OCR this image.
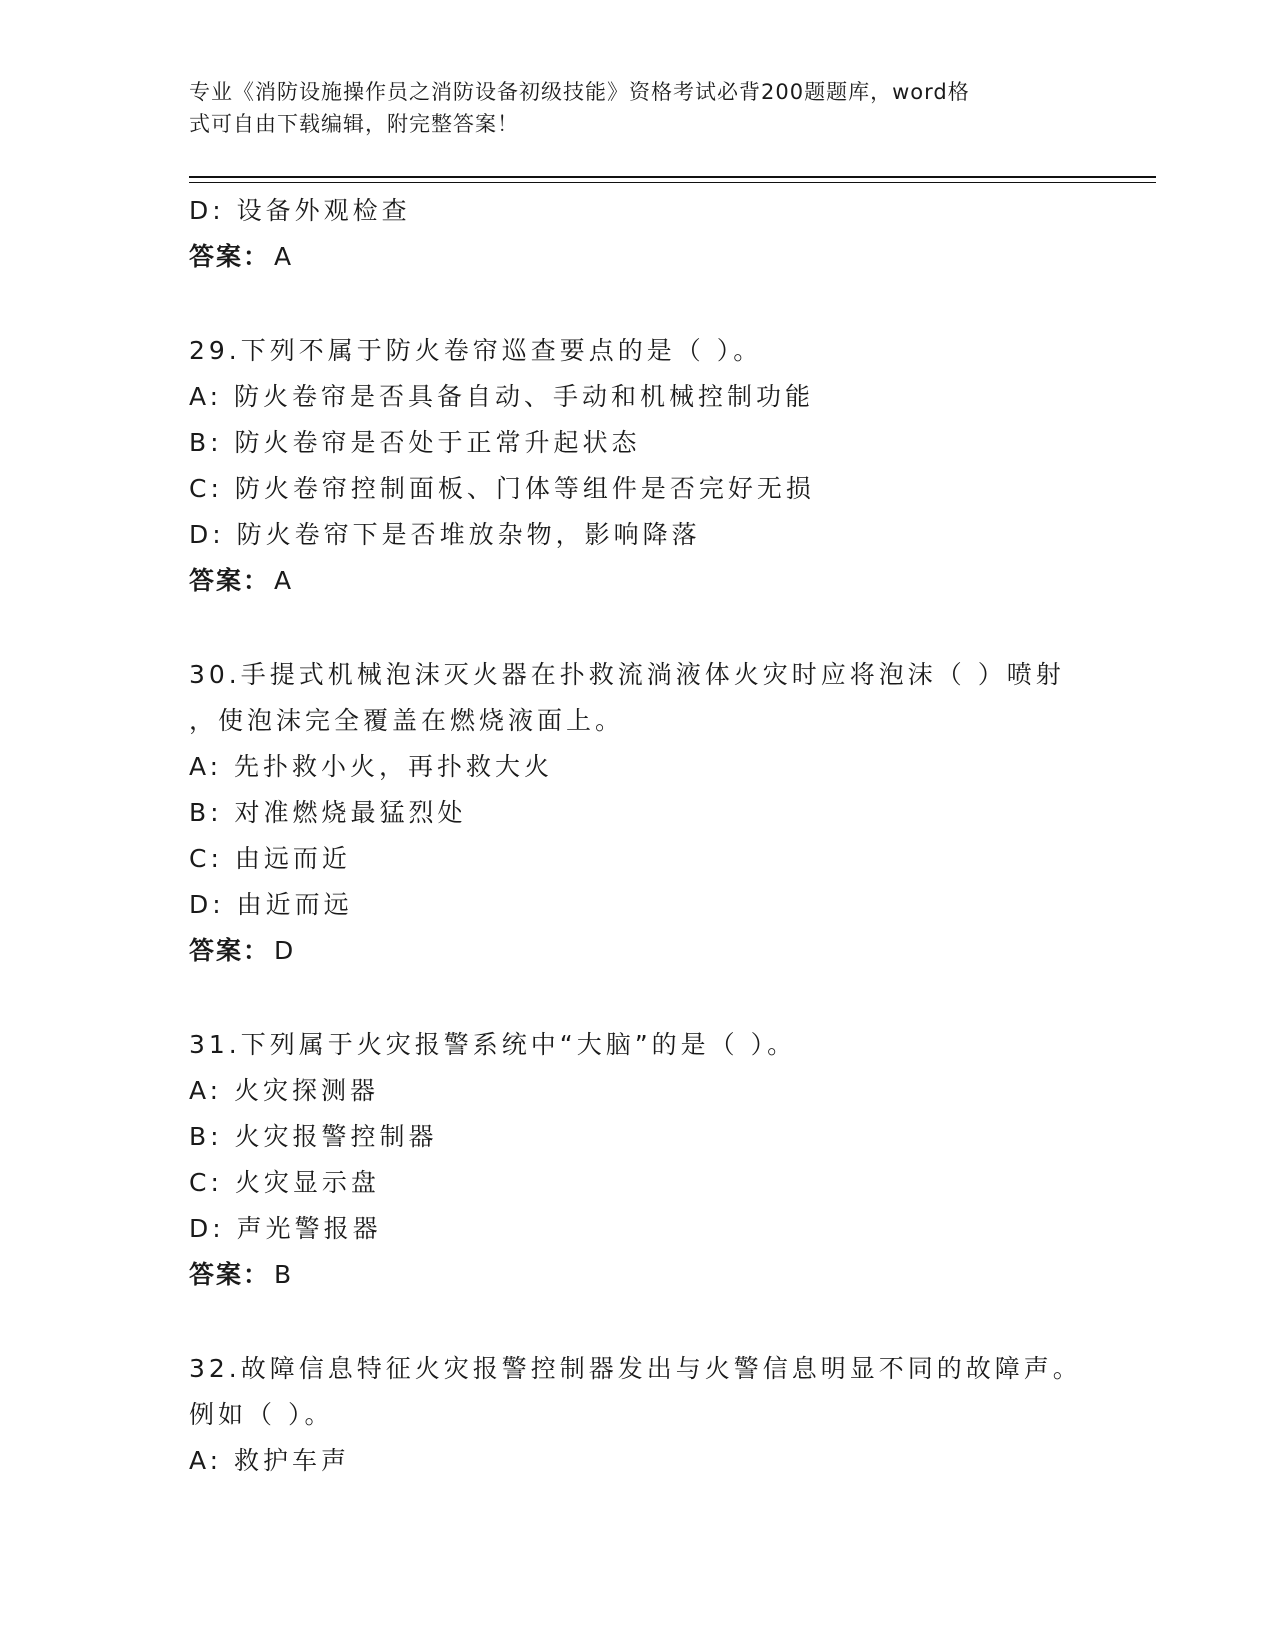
专业《消防设施操作员之消防设备初级技能》资格考试必背200题题库，word格
式可自由下载编辑，附完整答案！
D: 设备外观检查
答案： A
29.下列不属于防火卷帘巡查要点的是（ ）。
A: 防火卷帘是否具备自动、手动和机械控制功能
B: 防火卷帘是否处于正常升起状态
C: 防火卷帘控制面板、门体等组件是否完好无损
D: 防火卷帘下是否堆放杂物，影响降落
答案： A
30.手提式机械泡沫灭火器在扑救流淌液体火灾时应将泡沫（ ）喷射
，使泡沫完全覆盖在燃烧液面上。
A: 先扑救小火，再扑救大火
B: 对准燃烧最猛烈处
C: 由远而近
D: 由近而远
答案： D
31.下列属于火灾报警系统中“大脑”的是（ ）。
A: 火灾探测器
B: 火灾报警控制器
C: 火灾显示盘
D: 声光警报器
答案： B
32.故障信息特征火灾报警控制器发出与火警信息明显不同的故障声。
例如（ ）。
A: 救护车声
